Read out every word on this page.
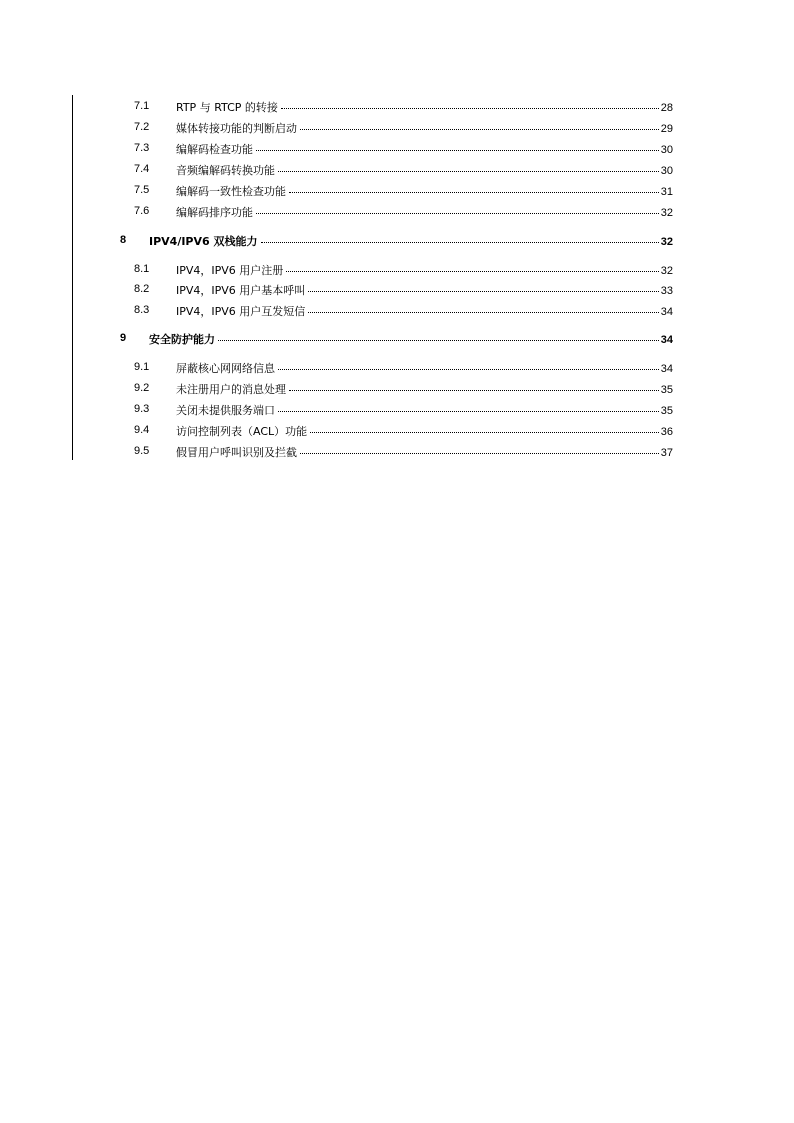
7.1 RTP 与 RTCP 的转接	28
7.2 媒体转接功能的判断启动	29
7.3 编解码检查功能	30
7.4 音频编解码转换功能	30
7.5 编解码一致性检查功能	31
7.6 编解码排序功能	32
8 IPV4/IPV6 双栈能力	32
8.1 IPV4，IPV6 用户注册	32
8.2 IPV4，IPV6 用户基本呼叫	33
8.3 IPV4，IPV6 用户互发短信	34
9 安全防护能力	34
9.1 屏蔽核心网网络信息	34
9.2 未注册用户的消息处理	35
9.3 关闭未提供服务端口	35
9.4 访问控制列表（ACL）功能	36
9.5 假冒用户呼叫识别及拦截	37
